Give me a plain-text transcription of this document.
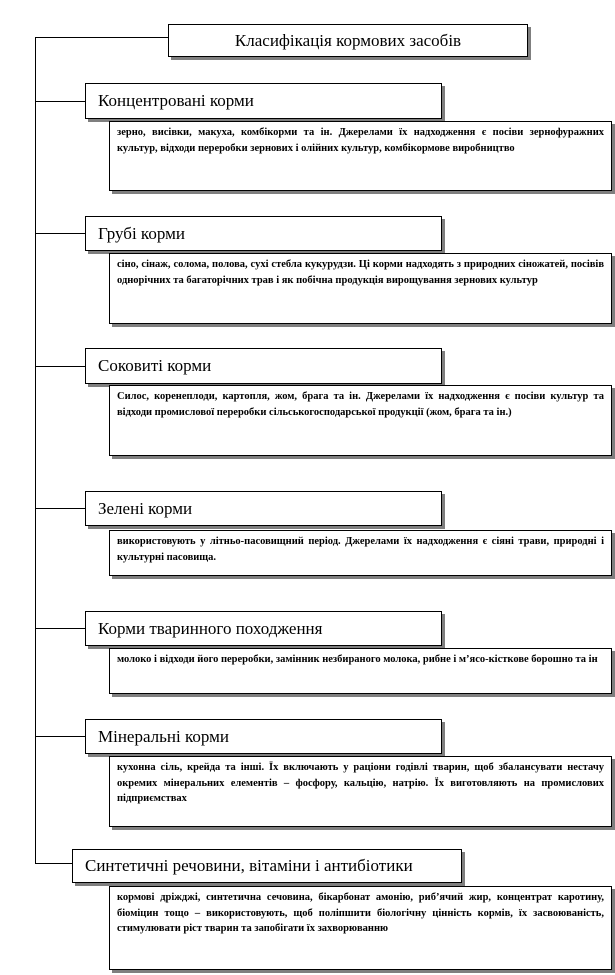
Класифікація кормових засобів
Концентровані корми
зерно, висівки, макуха, комбікорми та ін. Джерелами їх надходження є посіви зернофуражних культур, відходи переробки зернових і олійних культур, комбікормове виробництво
Грубі корми
сіно, сінаж, солома, полова, сухі стебла кукурудзи. Ці корми надходять з природних сіножатей, посівів однорічних та багаторічних трав і як побічна продукція вирощування зернових культур
Соковиті корми
Силос, коренеплоди, картопля, жом, брага та ін. Джерелами їх надходження є посіви культур та відходи промислової переробки сільськогосподарської продукції (жом, брага та ін.)
Зелені корми
використовують у літньо-пасовищний період. Джерелами їх надходження є сіяні трави, природні і культурні пасовища.
Корми тваринного походження
молоко і відходи його переробки, замінник незбираного молока, рибне і м’ясо-кісткове борошно та ін
Мінеральні корми
кухонна сіль, крейда та інші. Їх включають у раціони годівлі тварин, щоб збалансувати нестачу окремих мінеральних елементів – фосфору, кальцію, натрію. Їх виготовляють на промислових підприємствах
Синтетичні речовини, вітаміни і антибіотики
кормові дріжджі, синтетична сечовина, бікарбонат амонію, риб’ячий жир, концентрат каротину, біоміцин тощо – використовують, щоб поліпшити біологічну цінність кормів, їх засвоюваність, стимулювати ріст тварин та запобігати їх захворюванню
